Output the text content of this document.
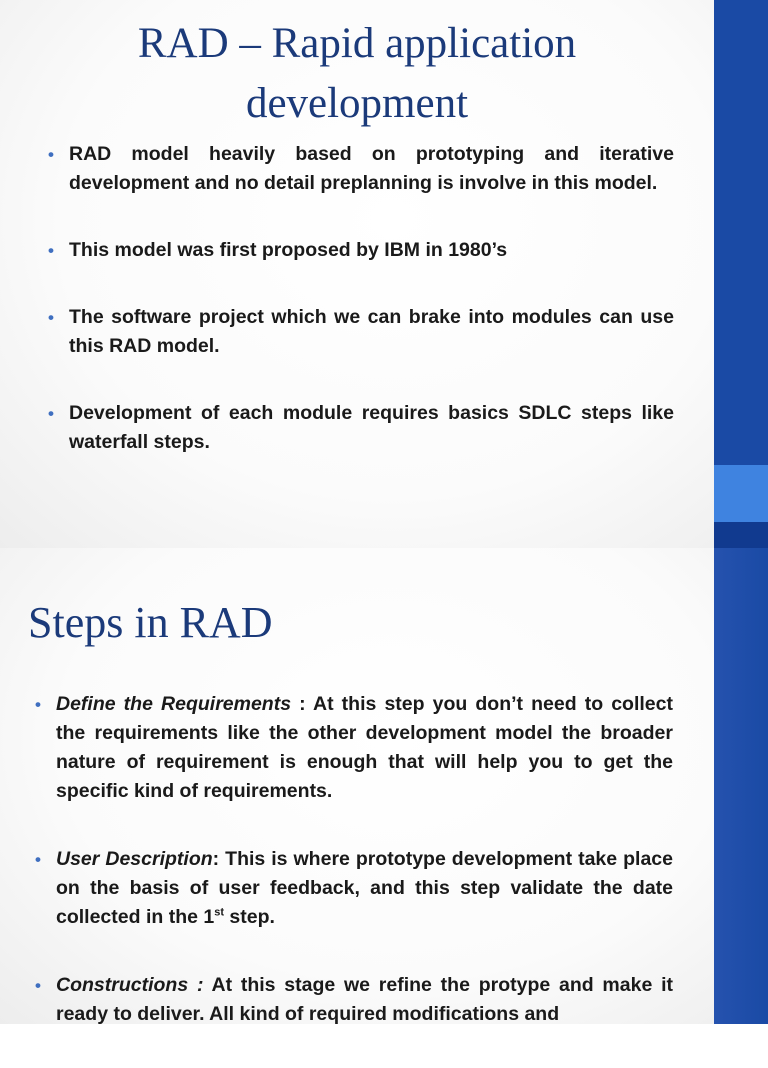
RAD – Rapid application
development
• RAD model heavily based on prototyping and iterative development and no detail preplanning is involve in this model.
• This model was first proposed by IBM in 1980’s
• The software project which we can brake into modules can use this RAD model.
• Development of each module requires basics SDLC steps like waterfall steps.
Steps in RAD
• Define the Requirements : At this step you don’t need to collect the requirements like the other development model the broader nature of requirement is enough that will help you to get the specific kind of requirements.
• User Description: This is where prototype development take place on the basis of user feedback, and this step validate the date collected in the 1st step.
• Constructions : At this stage we refine the protype and make it ready to deliver. All kind of required modifications and
